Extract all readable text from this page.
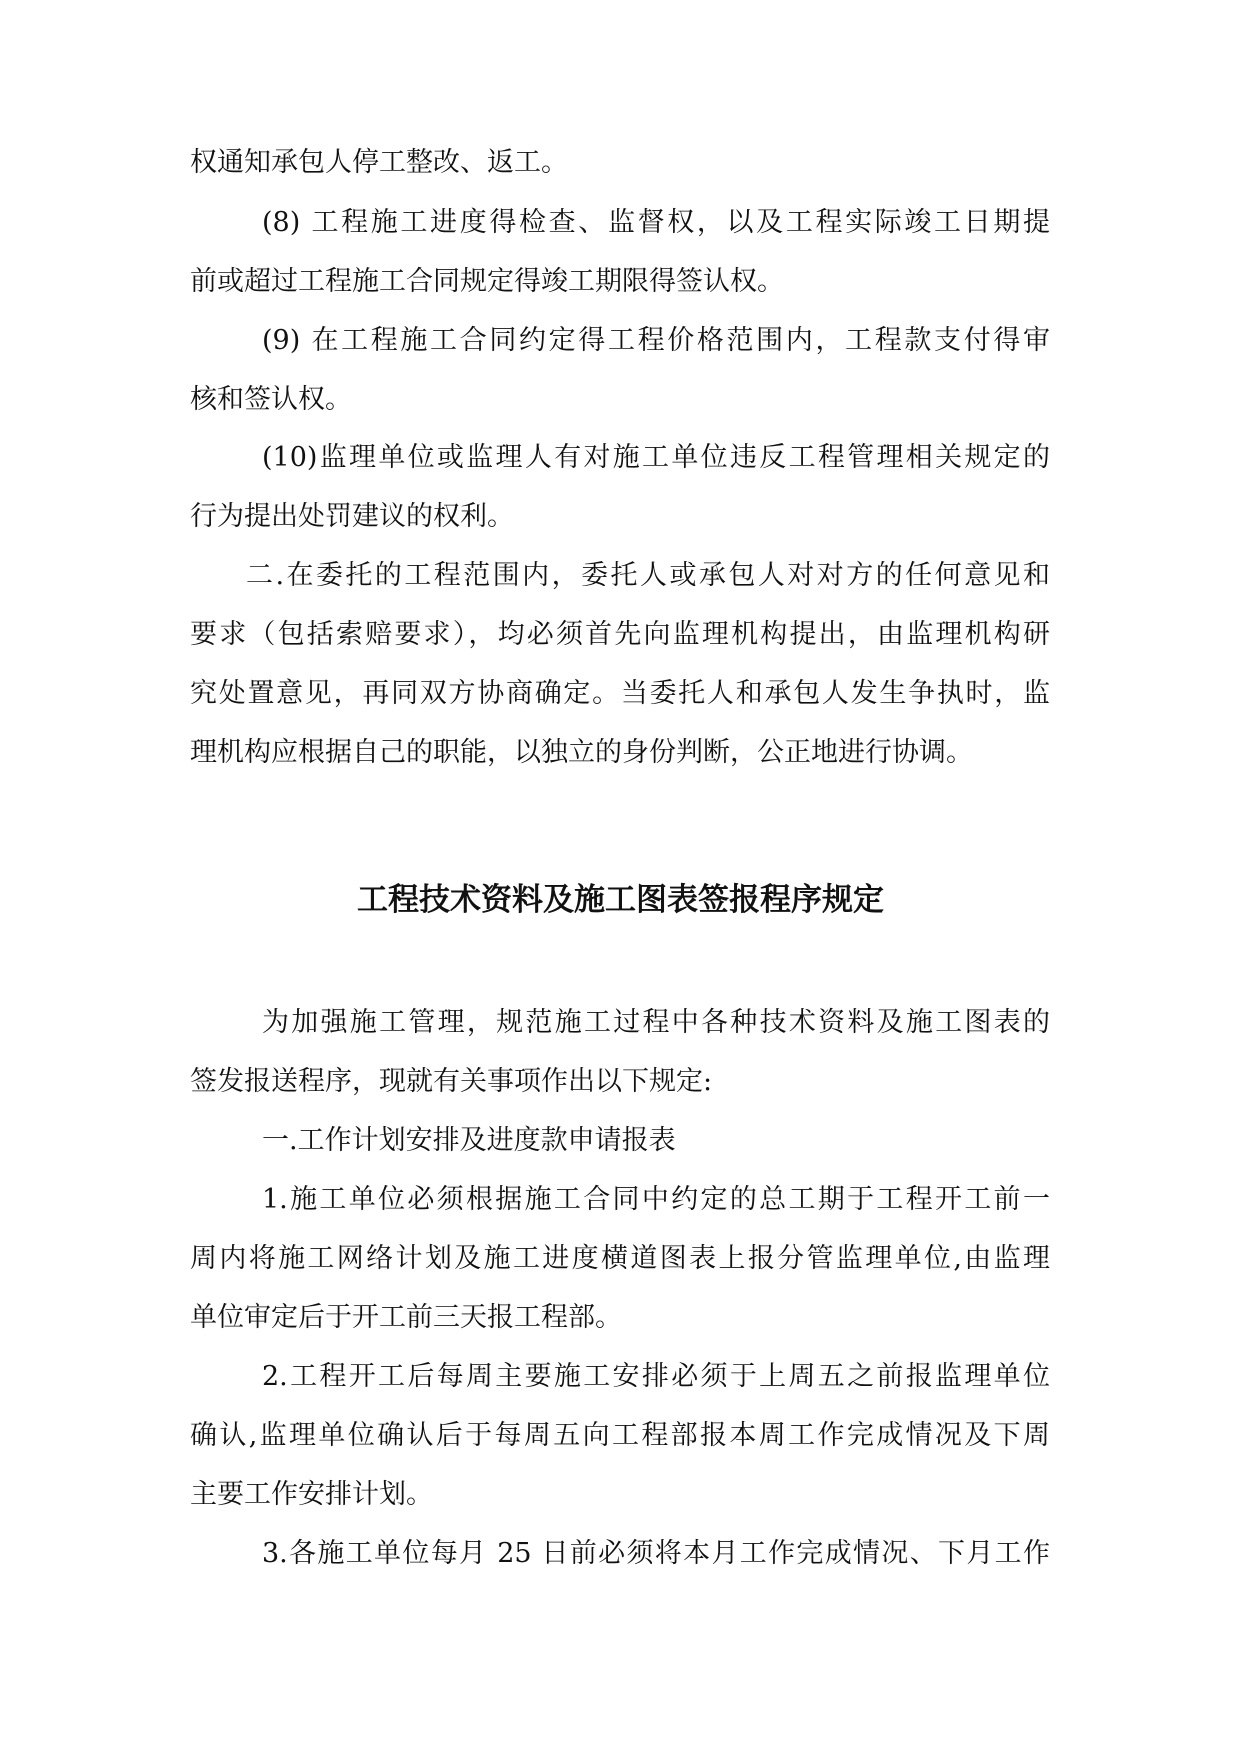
权通知承包人停工整改、返工。
(8) 工程施工进度得检查、监督权，以及工程实际竣工日期提
前或超过工程施工合同规定得竣工期限得签认权。
(9) 在工程施工合同约定得工程价格范围内，工程款支付得审
核和签认权。
(10)监理单位或监理人有对施工单位违反工程管理相关规定的
行为提出处罚建议的权利。
二.在委托的工程范围内，委托人或承包人对对方的任何意见和
要求（包括索赔要求），均必须首先向监理机构提出，由监理机构研
究处置意见，再同双方协商确定。当委托人和承包人发生争执时，监
理机构应根据自己的职能，以独立的身份判断，公正地进行协调。
工程技术资料及施工图表签报程序规定
为加强施工管理，规范施工过程中各种技术资料及施工图表的
签发报送程序，现就有关事项作出以下规定:
一.工作计划安排及进度款申请报表
1.施工单位必须根据施工合同中约定的总工期于工程开工前一
周内将施工网络计划及施工进度横道图表上报分管监理单位,由监理
单位审定后于开工前三天报工程部。
2.工程开工后每周主要施工安排必须于上周五之前报监理单位
确认,监理单位确认后于每周五向工程部报本周工作完成情况及下周
主要工作安排计划。
3.各施工单位每月 25 日前必须将本月工作完成情况、下月工作
